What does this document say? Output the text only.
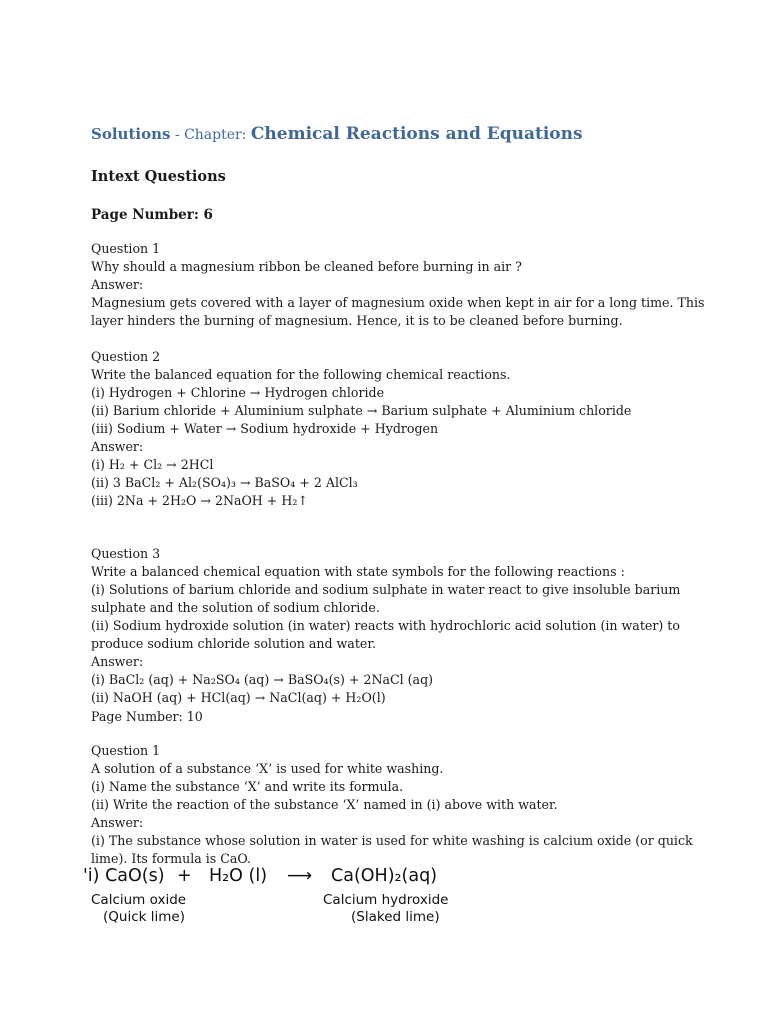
Solutions - Chapter: Chemical Reactions and Equations
Intext Questions
Page Number: 6
Question 1
Why should a magnesium ribbon be cleaned before burning in air ?
Answer:
Magnesium gets covered with a layer of magnesium oxide when kept in air for a long time. This
layer hinders the burning of magnesium. Hence, it is to be cleaned before burning.
Question 2
Write the balanced equation for the following chemical reactions.
(i) Hydrogen + Chlorine → Hydrogen chloride
(ii) Barium chloride + Aluminium sulphate → Barium sulphate + Aluminium chloride
(iii) Sodium + Water → Sodium hydroxide + Hydrogen
Answer:
(i) H₂ + Cl₂ → 2HCl
(ii) 3 BaCl₂ + Al₂(SO₄)₃ → BaSO₄ + 2 AlCl₃
(iii) 2Na + 2H₂O → 2NaOH + H₂↑
Question 3
Write a balanced chemical equation with state symbols for the following reactions :
(i) Solutions of barium chloride and sodium sulphate in water react to give insoluble barium
sulphate and the solution of sodium chloride.
(ii) Sodium hydroxide solution (in water) reacts with hydrochloric acid solution (in water) to
produce sodium chloride solution and water.
Answer:
(i) BaCl₂ (aq) + Na₂SO₄ (aq) → BaSO₄(s) + 2NaCl (aq)
(ii) NaOH (aq) + HCl(aq) → NaCl(aq) + H₂O(l)
Page Number: 10
Question 1
A solution of a substance ‘X’ is used for white washing.
(i) Name the substance ‘X’ and write its formula.
(ii) Write the reaction of the substance ‘X’ named in (i) above with water.
Answer:
(i) The substance whose solution in water is used for white washing is calcium oxide (or quick
lime). Its formula is CaO.
'i) CaO(s) + H₂O (l) ⟶ Ca(OH)₂(aq)
Calcium oxide
(Quick lime)
Calcium hydroxide
(Slaked lime)
